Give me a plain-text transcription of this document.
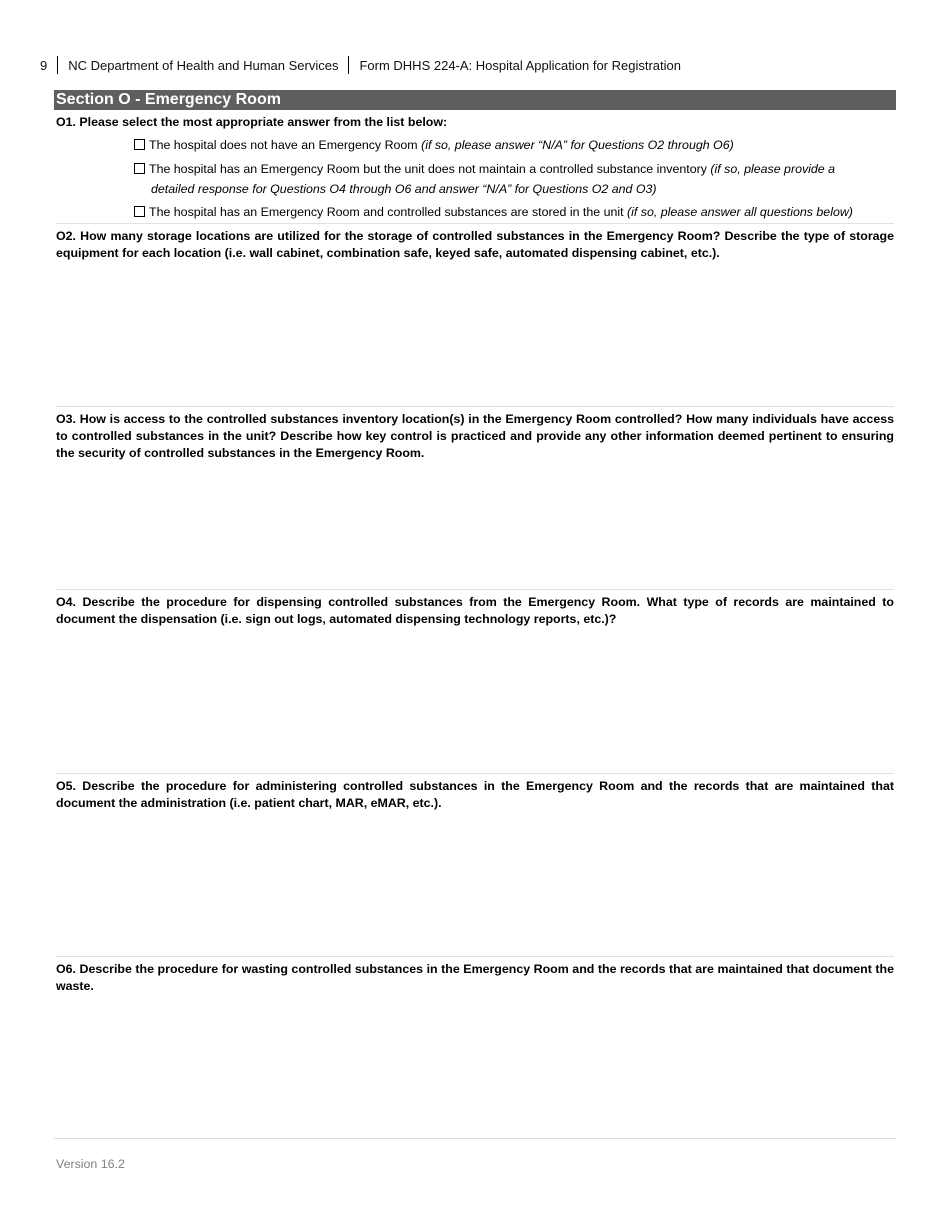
9 NC Department of Health and Human Services Form DHHS 224-A: Hospital Application for Registration
Section O - Emergency Room
O1. Please select the most appropriate answer from the list below:
The hospital does not have an Emergency Room (if so, please answer “N/A” for Questions O2 through O6)
The hospital has an Emergency Room but the unit does not maintain a controlled substance inventory (if so, please provide a
detailed response for Questions O4 through O6 and answer “N/A” for Questions O2 and O3)
The hospital has an Emergency Room and controlled substances are stored in the unit (if so, please answer all questions below)
O2. How many storage locations are utilized for the storage of controlled substances in the Emergency Room? Describe the type of storage equipment for each location (i.e. wall cabinet, combination safe, keyed safe, automated dispensing cabinet, etc.).
O3. How is access to the controlled substances inventory location(s) in the Emergency Room controlled? How many individuals have access to controlled substances in the unit? Describe how key control is practiced and provide any other information deemed pertinent to ensuring the security of controlled substances in the Emergency Room.
O4. Describe the procedure for dispensing controlled substances from the Emergency Room. What type of records are maintained to document the dispensation (i.e. sign out logs, automated dispensing technology reports, etc.)?
O5. Describe the procedure for administering controlled substances in the Emergency Room and the records that are maintained that document the administration (i.e. patient chart, MAR, eMAR, etc.).
O6. Describe the procedure for wasting controlled substances in the Emergency Room and the records that are maintained that document the waste.
Version 16.2
